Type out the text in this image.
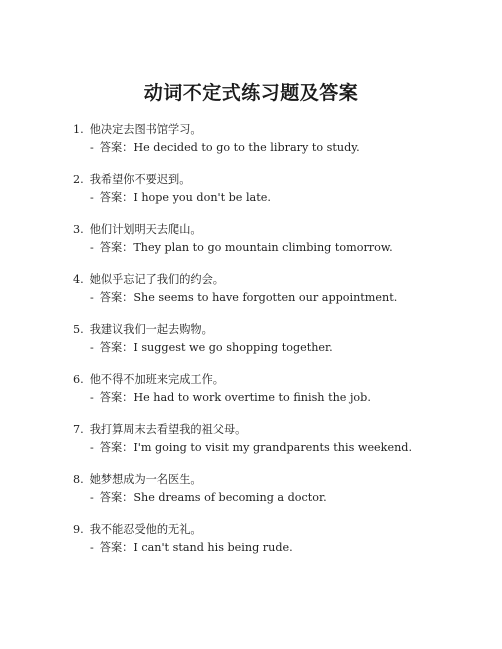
动词不定式练习题及答案
1. 他决定去图书馆学习。
- 答案：He decided to go to the library to study.
2. 我希望你不要迟到。
- 答案：I hope you don't be late.
3. 他们计划明天去爬山。
- 答案：They plan to go mountain climbing tomorrow.
4. 她似乎忘记了我们的约会。
- 答案：She seems to have forgotten our appointment.
5. 我建议我们一起去购物。
- 答案：I suggest we go shopping together.
6. 他不得不加班来完成工作。
- 答案：He had to work overtime to finish the job.
7. 我打算周末去看望我的祖父母。
- 答案：I'm going to visit my grandparents this weekend.
8. 她梦想成为一名医生。
- 答案：She dreams of becoming a doctor.
9. 我不能忍受他的无礼。
- 答案：I can't stand his being rude.
